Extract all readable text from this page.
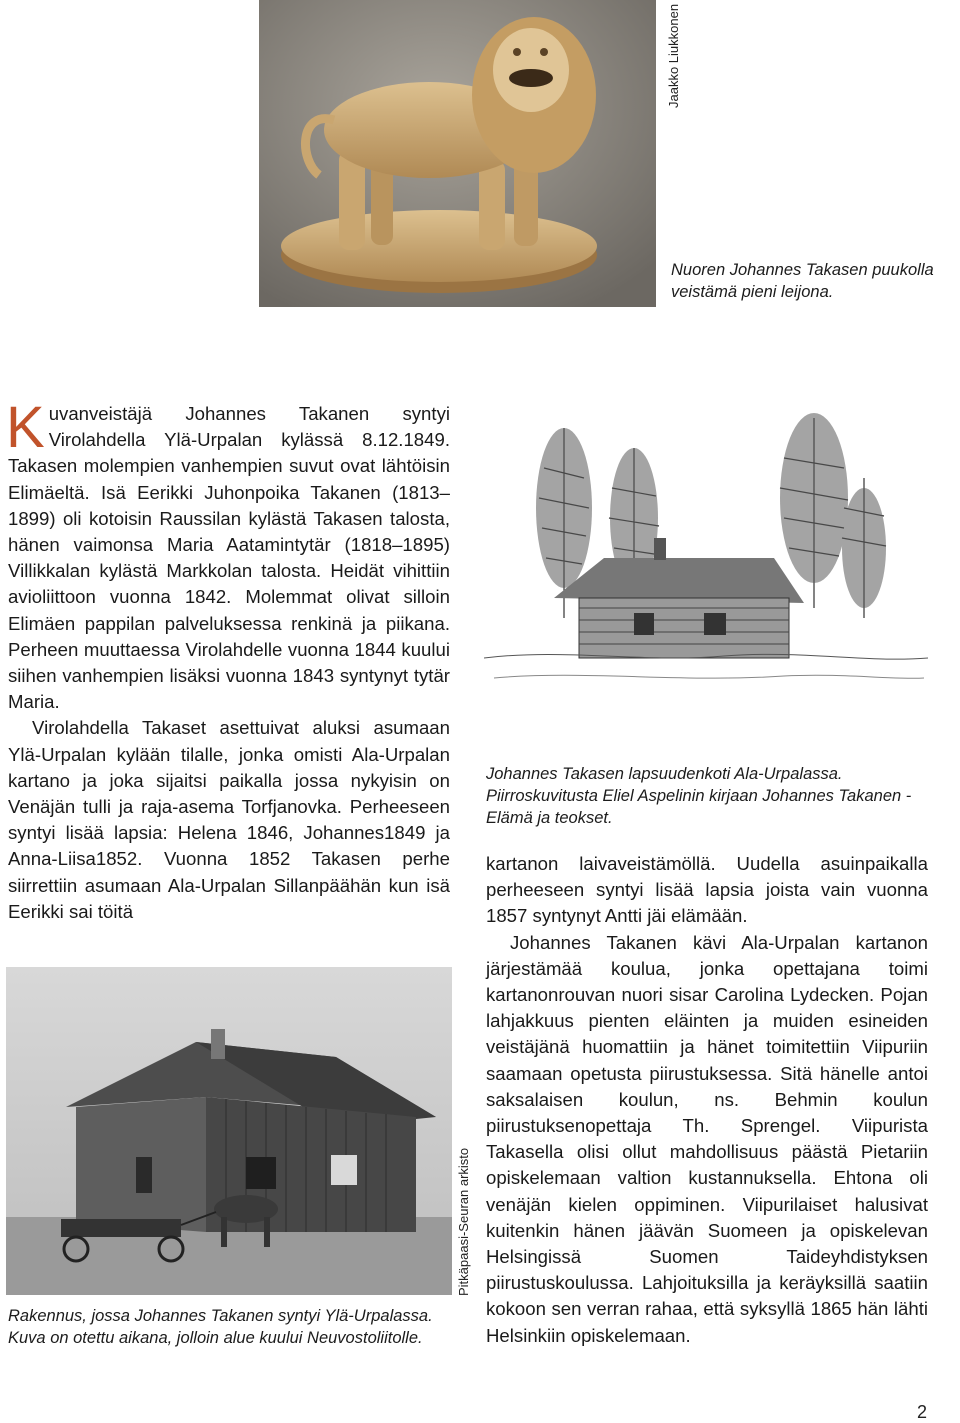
Jaakko Liukkonen
Nuoren Johannes Takasen puukolla veistämä pieni leijona.

Kuvanveistäjä Johannes Takanen syntyi Virolahdella Ylä-Urpalan kylässä 8.12.1849. Takasen molempien vanhempien suvut ovat lähtöisin Elimäeltä. Isä Eerikki Juhonpoika Takanen (1813–1899) oli kotoisin Raussilan kylästä Takasen talosta, hänen vaimonsa Maria Aatamintytär (1818–1895) Villikkalan kylästä Markkolan talosta. Heidät vihittiin avioliittoon vuonna 1842. Molemmat olivat silloin Elimäen pappilan palveluksessa renkinä ja piikana. Perheen muuttaessa Virolahdelle vuonna 1844 kuului siihen vanhempien lisäksi vuonna 1843 syntynyt tytär Maria.

Virolahdella Takaset asettuivat aluksi asumaan Ylä-Urpalan kylään tilalle, jonka omisti Ala-Urpalan kartano ja joka sijaitsi paikalla jossa nykyisin on Venäjän tulli ja raja-asema Torfjanovka. Perheeseen syntyi lisää lapsia: Helena 1846, Johannes1849 ja Anna-Liisa1852. Vuonna 1852 Takasen perhe siirrettiin asumaan Ala-Urpalan Sillanpäähän kun isä Eerikki sai töitä

Johannes Takasen lapsuudenkoti Ala-Urpalassa. Piirroskuvitusta Eliel Aspelinin kirjaan Johannes Takanen - Elämä ja teokset.

kartanon laivaveistämöllä. Uudella asuinpaikalla perheeseen syntyi lisää lapsia joista vain vuonna 1857 syntynyt Antti jäi elämään.

Johannes Takanen kävi Ala-Urpalan kartanon järjestämää koulua, jonka opettajana toimi kartanonrouvan nuori sisar Carolina Lydecken. Pojan lahjakkuus pienten eläinten ja muiden esineiden veistäjänä huomattiin ja hänet toimitettiin Viipuriin saamaan opetusta piirustuksessa. Sitä hänelle antoi saksalaisen koulun, ns. Behmin koulun piirustuksenopettaja Th. Sprengel. Viipurista Takasella olisi ollut mahdollisuus päästä Pietariin opiskelemaan valtion kustannuksella. Ehtona oli venäjän kielen oppiminen. Viipurilaiset halusivat kuitenkin hänen jäävän Suomeen ja opiskelevan Helsingissä Suomen Taideyhdistyksen piirustuskoulussa. Lahjoituksilla ja keräyksillä saatiin kokoon sen verran rahaa, että syksyllä 1865 hän lähti Helsinkiin opiskelemaan.

Pitkäpaasi-Seuran arkisto
Rakennus, jossa Johannes Takanen syntyi Ylä-Urpalassa. Kuva on otettu aikana, jolloin alue kuului Neuvostoliitolle.
2
